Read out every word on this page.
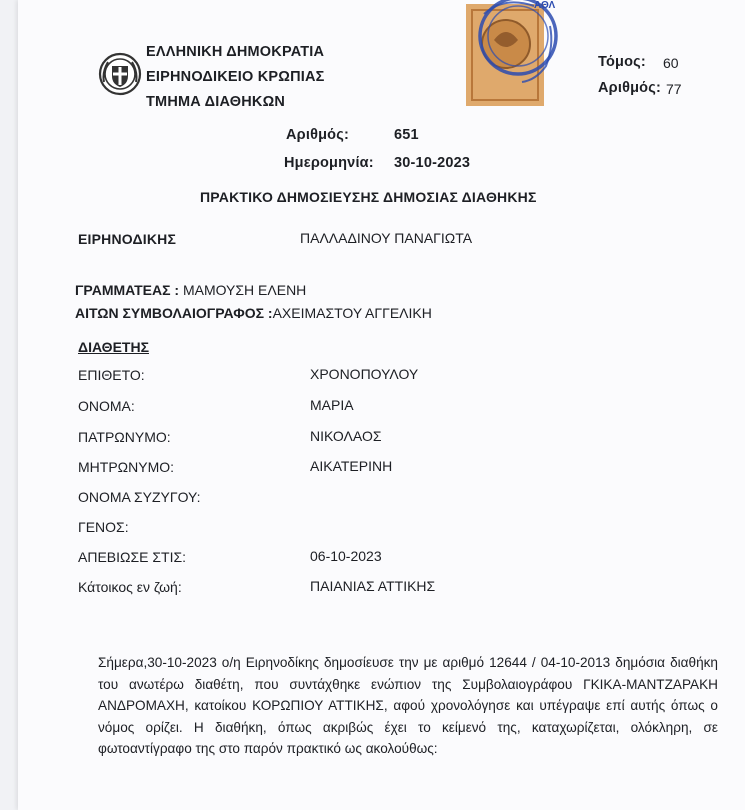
ΕΛΛΗΝΙΚΗ ΔΗΜΟΚΡΑΤΙΑ
ΕΙΡΗΝΟΔΙΚΕΙΟ ΚΡΩΠΙΑΣ
ΤΜΗΜΑ ΔΙΑΘΗΚΩΝ
ΑΘΛ
Τόμος: 60
Αριθμός: 77
Αριθμός:	651
Ημερομηνία: 30-10-2023
ΠΡΑΚΤΙΚΟ ΔΗΜΟΣΙΕΥΣΗΣ ΔΗΜΟΣΙΑΣ ΔΙΑΘΗΚΗΣ
ΕΙΡΗΝΟΔΙΚΗΣ	ΠΑΛΛΑΔΙΝΟΥ ΠΑΝΑΓΙΩΤΑ
ΓΡΑΜΜΑΤΕΑΣ : ΜΑΜΟΥΣΗ ΕΛΕΝΗ
ΑΙΤΩΝ ΣΥΜΒΟΛΑΙΟΓΡΑΦΟΣ :ΑΧΕΙΜΑΣΤΟΥ ΑΓΓΕΛΙΚΗ
ΔΙΑΘΕΤΗΣ
ΕΠΙΘΕΤΟ:	ΧΡΟΝΟΠΟΥΛΟΥ
ΟΝΟΜΑ:	ΜΑΡΙΑ
ΠΑΤΡΩΝΥΜΟ:	ΝΙΚΟΛΑΟΣ
ΜΗΤΡΩΝΥΜΟ:	ΑΙΚΑΤΕΡΙΝΗ
ΟΝΟΜΑ ΣΥΖΥΓΟΥ:
ΓΕΝΟΣ:
ΑΠΕΒΙΩΣΕ ΣΤΙΣ:	06-10-2023
Κάτοικος εν ζωή:	ΠΑΙΑΝΙΑΣ ΑΤΤΙΚΗΣ

Σήμερα,30-10-2023 ο/η Ειρηνοδίκης δημοσίευσε την με αριθμό 12644 / 04-10-2013 δημόσια διαθήκη του ανωτέρω διαθέτη, που συντάχθηκε ενώπιον της Συμβολαιογράφου ΓΚΙΚΑ-ΜΑΝΤΖΑΡΑΚΗ ΑΝΔΡΟΜΑΧΗ, κατοίκου ΚΟΡΩΠΙΟΥ ΑΤΤΙΚΗΣ, αφού χρονολόγησε και υπέγραψε επί αυτής όπως ο νόμος ορίζει. Η διαθήκη, όπως ακριβώς έχει το κείμενό της, καταχωρίζεται, ολόκληρη, σε φωτοαντίγραφο της στο παρόν πρακτικό ως ακολούθως:
